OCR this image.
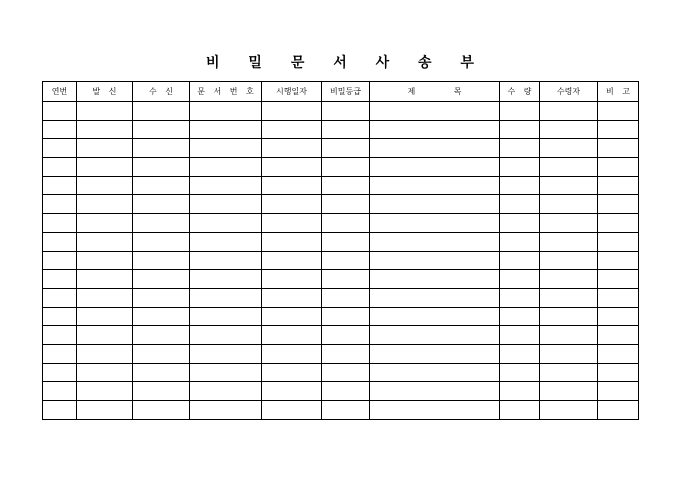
비 밀 문 서 사 송 부
연번	발 신	수 신	문 서 번 호	시행일자	비밀등급	제 목	수 량	수령자	비 고
